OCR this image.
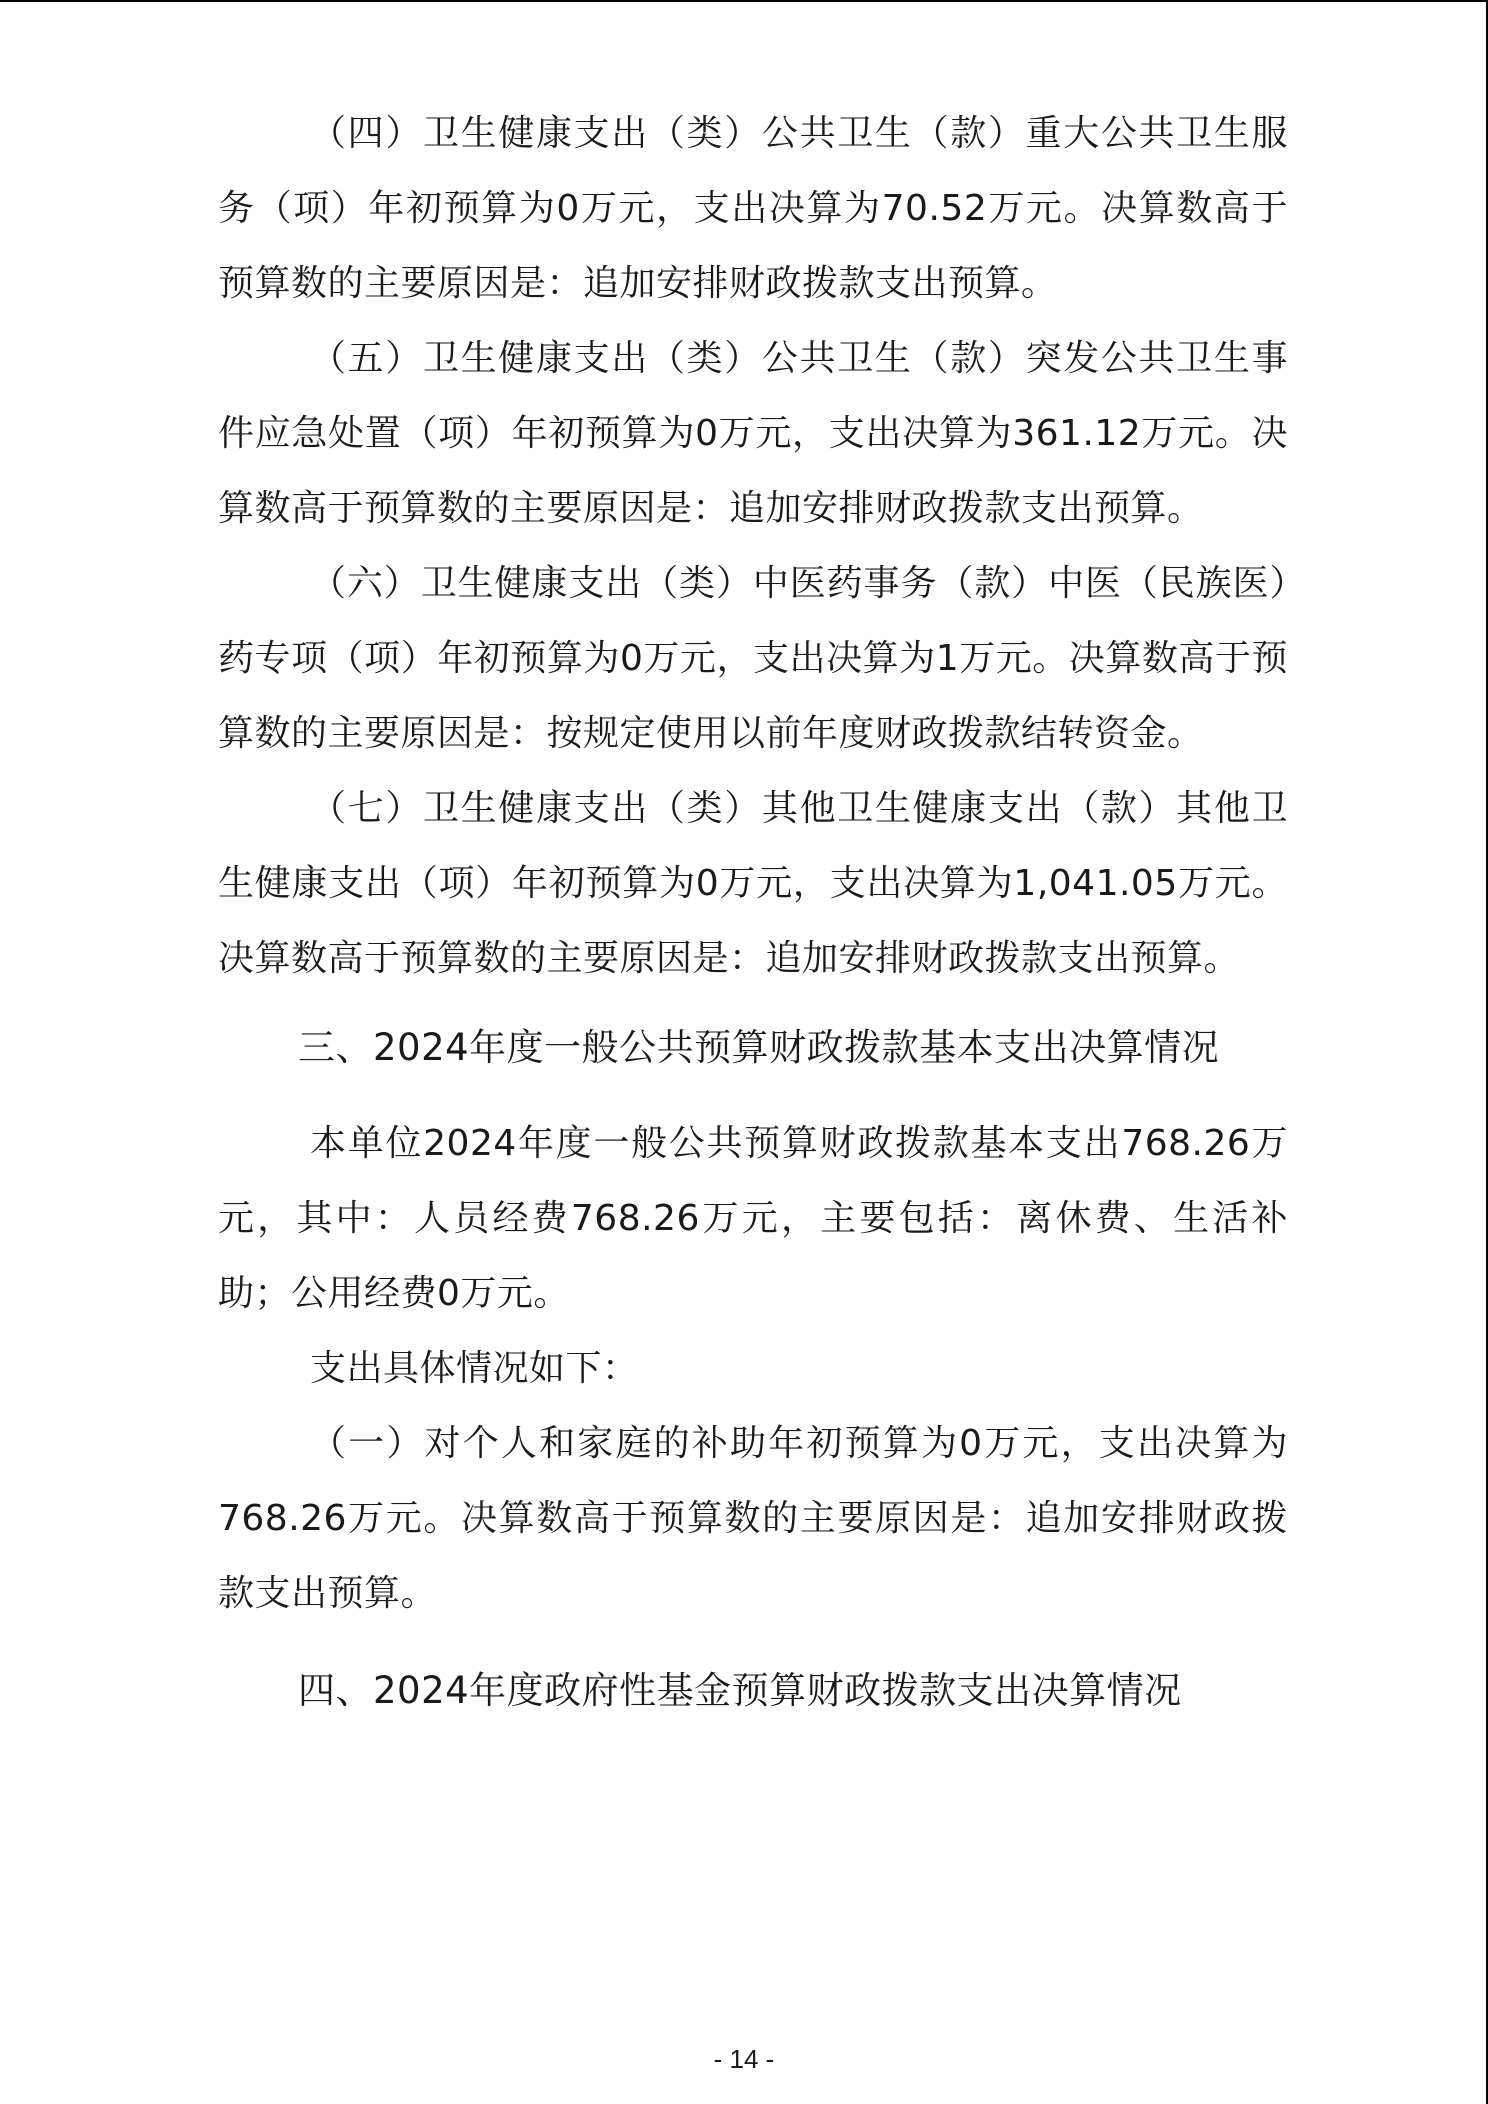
（四）卫生健康支出（类）公共卫生（款）重大公共卫生服务（项）年初预算为0万元，支出决算为70.52万元。决算数高于预算数的主要原因是：追加安排财政拨款支出预算。

（五）卫生健康支出（类）公共卫生（款）突发公共卫生事件应急处置（项）年初预算为0万元，支出决算为361.12万元。决算数高于预算数的主要原因是：追加安排财政拨款支出预算。

（六）卫生健康支出（类）中医药事务（款）中医（民族医）药专项（项）年初预算为0万元，支出决算为1万元。决算数高于预算数的主要原因是：按规定使用以前年度财政拨款结转资金。

（七）卫生健康支出（类）其他卫生健康支出（款）其他卫生健康支出（项）年初预算为0万元，支出决算为1,041.05万元。决算数高于预算数的主要原因是：追加安排财政拨款支出预算。

三、2024年度一般公共预算财政拨款基本支出决算情况

本单位2024年度一般公共预算财政拨款基本支出768.26万元，其中：人员经费768.26万元，主要包括：离休费、生活补助；公用经费0万元。

支出具体情况如下：

（一）对个人和家庭的补助年初预算为0万元，支出决算为768.26万元。决算数高于预算数的主要原因是：追加安排财政拨款支出预算。

四、2024年度政府性基金预算财政拨款支出决算情况
- 14 -
